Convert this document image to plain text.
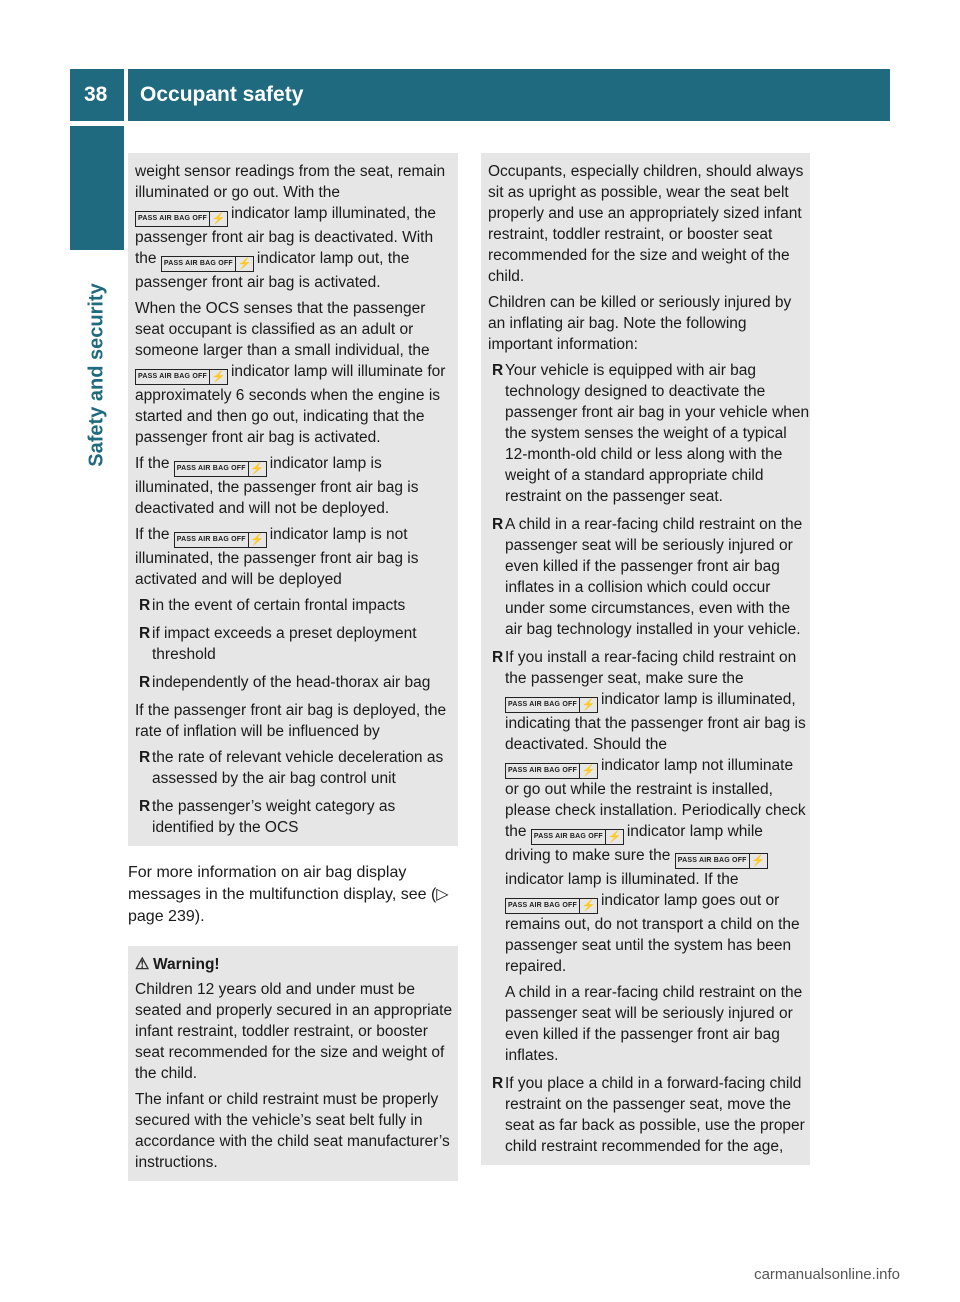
38	Occupant safety
Safety and security

weight sensor readings from the seat, remain illuminated or go out. With the

PASS AIR BAG OFF ⚡ indicator lamp illuminated, the passenger front air bag is deactivated. With the	PASS AIR BAG OFF ⚡ indicator lamp out, the passenger front air bag is activated.

When the OCS senses that the passenger seat occupant is classified as an adult or someone larger than a small individual, the

PASS AIR BAG OFF ⚡ indicator lamp will illuminate for approximately 6 seconds when the engine is started and then go out, indicating that the passenger front air bag is activated.

If the	PASS AIR BAG OFF ⚡ indicator lamp is illuminated, the passenger front air bag is deactivated and will not be deployed.

If the	PASS AIR BAG OFF ⚡ indicator lamp is not illuminated, the passenger front air bag is activated and will be deployed

R in the event of certain frontal impacts
R if impact exceeds a preset deployment threshold
R independently of the head-thorax air bag

If the passenger front air bag is deployed, the rate of inflation will be influenced by

R the rate of relevant vehicle deceleration as assessed by the air bag control unit
R the passenger’s weight category as identified by the OCS

For more information on air bag display messages in the multifunction display, see (▷ page 239).

⚠ Warning!

Children 12 years old and under must be seated and properly secured in an appropriate infant restraint, toddler restraint, or booster seat recommended for the size and weight of the child.

The infant or child restraint must be properly secured with the vehicle’s seat belt fully in accordance with the child seat manufacturer’s instructions.

Occupants, especially children, should always sit as upright as possible, wear the seat belt properly and use an appropriately sized infant restraint, toddler restraint, or booster seat recommended for the size and weight of the child.

Children can be killed or seriously injured by an inflating air bag. Note the following important information:

R Your vehicle is equipped with air bag technology designed to deactivate the passenger front air bag in your vehicle when the system senses the weight of a typical 12-month-old child or less along with the weight of a standard appropriate child restraint on the passenger seat.
R A child in a rear-facing child restraint on the passenger seat will be seriously injured or even killed if the passenger front air bag inflates in a collision which could occur under some circumstances, even with the air bag technology installed in your vehicle.
R If you install a rear-facing child restraint on the passenger seat, make sure the

PASS AIR BAG OFF ⚡ indicator lamp is illuminated, indicating that the passenger front air bag is deactivated. Should the

PASS AIR BAG OFF ⚡ indicator lamp not illuminate or go out while the restraint is installed, please check installation. Periodically check the	PASS AIR BAG OFF ⚡ indicator lamp while driving to make sure the	PASS AIR BAG OFF ⚡
indicator lamp is illuminated. If the
PASS AIR BAG OFF ⚡ indicator lamp goes out or remains out, do not transport a child on the passenger seat until the system has been repaired.

A child in a rear-facing child restraint on the passenger seat will be seriously injured or even killed if the passenger front air bag inflates.

R If you place a child in a forward-facing child restraint on the passenger seat, move the seat as far back as possible, use the proper child restraint recommended for the age,
carmanualsonline.info
